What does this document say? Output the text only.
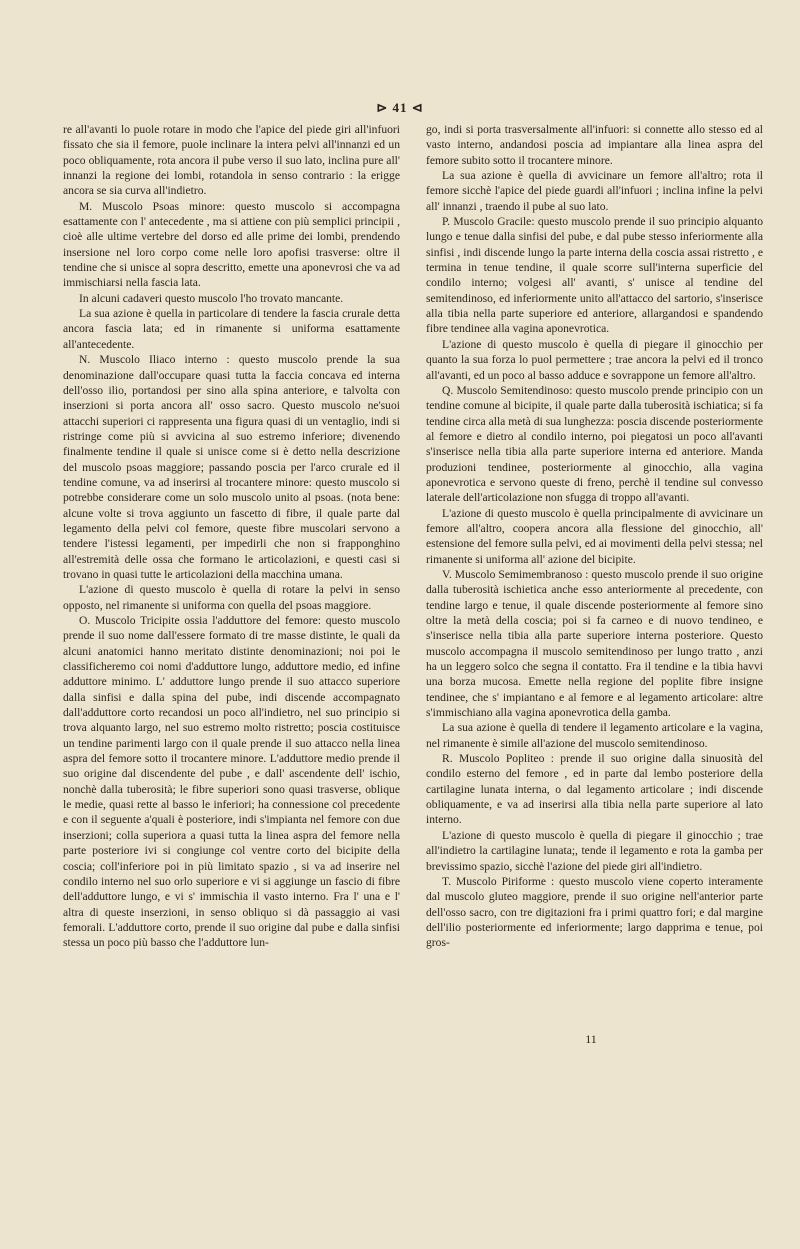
⊳ 41 ⊲

re all'avanti lo puole rotare in modo che l'apice del piede giri all'infuori fissato che sia il femore, puole inclinare la intera pelvi all'innanzi ed un poco obliquamente, rota ancora il pube verso il suo lato, inclina pure all' innanzi la regione dei lombi, rotandola in senso contrario : la erigge ancora se sia curva all'indietro.

M. Muscolo Psoas minore: questo muscolo si accompagna esattamente con l' antecedente , ma si attiene con più semplici principii , cioè alle ultime vertebre del dorso ed alle prime dei lombi, prendendo insersione nel loro corpo come nelle loro apofisi trasverse: oltre il tendine che si unisce al sopra descritto, emette una aponevrosi che va ad immischiarsi nella fascia lata.

In alcuni cadaveri questo muscolo l'ho trovato mancante.

La sua azione è quella in particolare di tendere la fascia crurale detta ancora fascia lata; ed in rimanente si uniforma esattamente all'antecedente.

N. Muscolo Iliaco interno : questo muscolo prende la sua denominazione dall'occupare quasi tutta la faccia concava ed interna dell'osso ilio, portandosi per sino alla spina anteriore, e talvolta con inserzioni si porta ancora all' osso sacro. Questo muscolo ne'suoi attacchi superiori ci rappresenta una figura quasi di un ventaglio, indi si ristringe come più si avvicina al suo estremo inferiore; divenendo finalmente tendine il quale si unisce come si è detto nella descrizione del muscolo psoas maggiore; passando poscia per l'arco crurale ed il tendine comune, va ad inserirsi al trocantere minore: questo muscolo si potrebbe considerare come un solo muscolo unito al psoas. (nota bene: alcune volte si trova aggiunto un fascetto di fibre, il quale parte dal legamento della pelvi col femore, queste fibre muscolari servono a tendere l'istessi legamenti, per impedirli che non si frapponghino all'estremità delle ossa che formano le articolazioni, e questi casi si trovano in quasi tutte le articolazioni della macchina umana.

L'azione di questo muscolo è quella di rotare la pelvi in senso opposto, nel rimanente si uniforma con quella del psoas maggiore.

O. Muscolo Tricipite ossia l'adduttore del femore: questo muscolo prende il suo nome dall'essere formato di tre masse distinte, le quali da alcuni anatomici hanno meritato distinte denominazioni; noi poi le classificheremo coi nomi d'adduttore lungo, adduttore medio, ed infine adduttore minimo. L' adduttore lungo prende il suo attacco superiore dalla sinfisi e dalla spina del pube, indi discende accompagnato dall'adduttore corto recandosi un poco all'indietro, nel suo principio si trova alquanto largo, nel suo estremo molto ristretto; poscia costituisce un tendine parimenti largo con il quale prende il suo attacco nella linea aspra del femore sotto il trocantere minore. L'adduttore medio prende il suo origine dal discendente del pube , e dall' ascendente dell' ischio, nonchè dalla tuberosità; le fibre superiori sono quasi trasverse, oblique le medie, quasi rette al basso le inferiori; ha connessione col precedente e con il seguente a'quali è posteriore, indi s'impianta nel femore con due inserzioni; colla superiora a quasi tutta la linea aspra del femore nella parte posteriore ivi si congiunge col ventre corto del bicipite della coscia; coll'inferiore poi in più limitato spazio , si va ad inserire nel condilo interno nel suo orlo superiore e vi si aggiunge un fascio di fibre dell'adduttore lungo, e vi s' immischia il vasto interno. Fra l' una e l' altra di queste inserzioni, in senso obliquo si dà passaggio ai vasi femorali. L'adduttore corto, prende il suo origine dal pube e dalla sinfisi stessa un poco più basso che l'adduttore lun-

go, indi si porta trasversalmente all'infuori: si connette allo stesso ed al vasto interno, andandosi poscia ad impiantare alla linea aspra del femore subito sotto il trocantere minore.

La sua azione è quella di avvicinare un femore all'altro; rota il femore sicchè l'apice del piede guardi all'infuori ; inclina infine la pelvi all' innanzi , traendo il pube al suo lato.

P. Muscolo Gracile: questo muscolo prende il suo principio alquanto lungo e tenue dalla sinfisi del pube, e dal pube stesso inferiormente alla sinfisi , indi discende lungo la parte interna della coscia assai ristretto , e termina in tenue tendine, il quale scorre sull'interna superficie del condilo interno; volgesi all' avanti, s' unisce al tendine del semitendinoso, ed inferiormente unito all'attacco del sartorio, s'inserisce alla tibia nella parte superiore ed anteriore, allargandosi e spandendo fibre tendinee alla vagina aponevrotica.

L'azione di questo muscolo è quella di piegare il ginocchio per quanto la sua forza lo puol permettere ; trae ancora la pelvi ed il tronco all'avanti, ed un poco al basso adduce e sovrappone un femore all'altro.

Q. Muscolo Semitendinoso: questo muscolo prende principio con un tendine comune al bicipite, il quale parte dalla tuberosità ischiatica; si fa tendine circa alla metà di sua lunghezza: poscia discende posteriormente al femore e dietro al condilo interno, poi piegatosi un poco all'avanti s'inserisce nella tibia alla parte superiore interna ed anteriore. Manda produzioni tendinee, posteriormente al ginocchio, alla vagina aponevrotica e servono queste di freno, perchè il tendine sul convesso laterale dell'articolazione non sfugga di troppo all'avanti.

L'azione di questo muscolo è quella principalmente di avvicinare un femore all'altro, coopera ancora alla flessione del ginocchio, all' estensione del femore sulla pelvi, ed ai movimenti della pelvi stessa; nel rimanente si uniforma all' azione del bicipite.

V. Muscolo Semimembranoso : questo muscolo prende il suo origine dalla tuberosità ischietica anche esso anteriormente al precedente, con tendine largo e tenue, il quale discende posteriormente al femore sino oltre la metà della coscia; poi si fa carneo e di nuovo tendineo, e s'inserisce nella tibia alla parte superiore interna posteriore. Questo muscolo accompagna il muscolo semitendinoso per lungo tratto , anzi ha un leggero solco che segna il contatto. Fra il tendine e la tibia havvi una borza mucosa. Emette nella regione del poplite fibre insigne tendinee, che s' impiantano e al femore e al legamento articolare: altre s'immischiano alla vagina aponevrotica della gamba.

La sua azione è quella di tendere il legamento articolare e la vagina, nel rimanente è simile all'azione del muscolo semitendinoso.

R. Muscolo Popliteo : prende il suo origine dalla sinuosità del condilo esterno del femore , ed in parte dal lembo posteriore della cartilagine lunata interna, o dal legamento articolare ; indi discende obliquamente, e va ad inserirsi alla tibia nella parte superiore al lato interno.

L'azione di questo muscolo è quella di piegare il ginocchio ; trae all'indietro la cartilagine lunata;, tende il legamento e rota la gamba per brevissimo spazio, sicchè l'azione del piede giri all'indietro.

T. Muscolo Piriforme : questo muscolo viene coperto interamente dal muscolo gluteo maggiore, prende il suo origine nell'anterior parte dell'osso sacro, con tre digitazioni fra i primi quattro fori; e dal margine dell'ilio posteriormente ed inferiormente; largo dapprima e tenue, poi gros-

11
